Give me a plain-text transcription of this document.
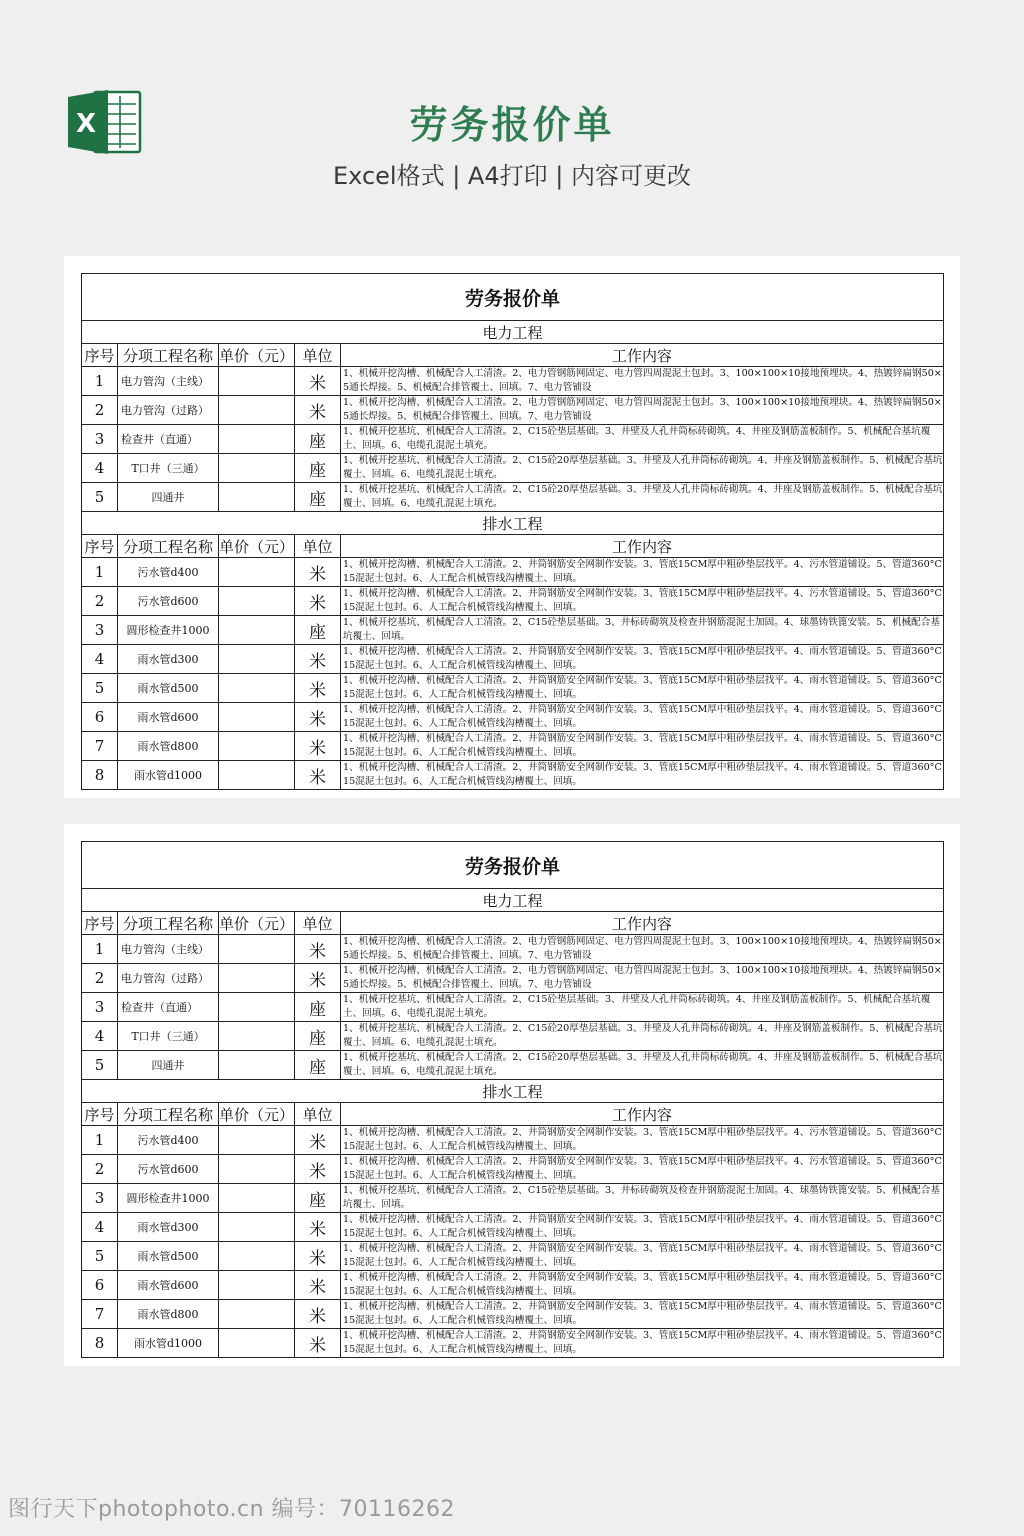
X	劳务报价单
Excel格式 | A4打印 | 内容可更改
劳务报价单				
电力工程				
序号	分项工程名称	单价（元）	单位	工作内容
1	电力管沟（主线）		米	1、机械开挖沟槽、机械配合人工清渣。2、电力管钢筋网固定、电力管四周混泥土包封。3、100×100×10接地预埋块。4、热镀锌扁钢50×5通长焊接。5、机械配合排管覆土、回填。7、电力管铺设

2	电力管沟（过路）		米	1、机械开挖沟槽、机械配合人工清渣。2、电力管钢筋网固定、电力管四周混泥土包封。3、100×100×10接地预埋块。4、热镀锌扁钢50×5通长焊接。5、机械配合排管覆土、回填。7、电力管铺设

3	检查井（直通）		座	1、机械开挖基坑、机械配合人工清渣。2、C15砼垫层基础。3、井壁及人孔井筒标砖砌筑。4、井座及钢筋盖板制作。5、机械配合基坑覆土、回填。6、电缆孔混泥土填充。

4	T口井（三通）		座	1、机械开挖基坑、机械配合人工清渣。2、C15砼20厚垫层基础。3、井壁及人孔井筒标砖砌筑。4、井座及钢筋盖板制作。5、机械配合基坑覆土、回填。6、电缆孔混泥土填充。

5	四通井		座	1、机械开挖基坑、机械配合人工清渣。2、C15砼20厚垫层基础。3、井壁及人孔井筒标砖砌筑。4、井座及钢筋盖板制作。5、机械配合基坑覆土、回填。6、电缆孔混泥土填充。

排水工程				
序号	分项工程名称	单价（元）	单位	工作内容
1	污水管d400		米	1、机械开挖沟槽、机械配合人工清渣。2、井筒钢筋安全网制作安装。3、管底15CM厚中粗砂垫层找平。4、污水管道铺设。5、管道360°C15混泥土包封。6、人工配合机械管线沟槽覆土、回填。

2	污水管d600		米	1、机械开挖沟槽、机械配合人工清渣。2、井筒钢筋安全网制作安装。3、管底15CM厚中粗砂垫层找平。4、污水管道铺设。5、管道360°C15混泥土包封。6、人工配合机械管线沟槽覆土、回填。

3	圆形检查井1000		座	1、机械开挖基坑、机械配合人工清渣。2、C15砼垫层基础。3、井标砖砌筑及检查井钢筋混泥土加固。4、球墨铸铁篦安装。5、机械配合基坑覆土、回填。

4	雨水管d300		米	1、机械开挖沟槽、机械配合人工清渣。2、井筒钢筋安全网制作安装。3、管底15CM厚中粗砂垫层找平。4、雨水管道铺设。5、管道360°C15混泥土包封。6、人工配合机械管线沟槽覆土、回填。

5	雨水管d500		米	1、机械开挖沟槽、机械配合人工清渣。2、井筒钢筋安全网制作安装。3、管底15CM厚中粗砂垫层找平。4、雨水管道铺设。5、管道360°C15混泥土包封。6、人工配合机械管线沟槽覆土、回填。

6	雨水管d600		米	1、机械开挖沟槽、机械配合人工清渣。2、井筒钢筋安全网制作安装。3、管底15CM厚中粗砂垫层找平。4、雨水管道铺设。5、管道360°C15混泥土包封。6、人工配合机械管线沟槽覆土、回填。

7	雨水管d800		米	1、机械开挖沟槽、机械配合人工清渣。2、井筒钢筋安全网制作安装。3、管底15CM厚中粗砂垫层找平。4、雨水管道铺设。5、管道360°C15混泥土包封。6、人工配合机械管线沟槽覆土、回填。

8	雨水管d1000		米	1、机械开挖沟槽、机械配合人工清渣。2、井筒钢筋安全网制作安装。3、管底15CM厚中粗砂垫层找平。4、雨水管道铺设。5、管道360°C15混泥土包封。6、人工配合机械管线沟槽覆土、回填。
劳务报价单				
电力工程				
序号	分项工程名称	单价（元）	单位	工作内容
1	电力管沟（主线）		米	1、机械开挖沟槽、机械配合人工清渣。2、电力管钢筋网固定、电力管四周混泥土包封。3、100×100×10接地预埋块。4、热镀锌扁钢50×5通长焊接。5、机械配合排管覆土、回填。7、电力管铺设

2	电力管沟（过路）		米	1、机械开挖沟槽、机械配合人工清渣。2、电力管钢筋网固定、电力管四周混泥土包封。3、100×100×10接地预埋块。4、热镀锌扁钢50×5通长焊接。5、机械配合排管覆土、回填。7、电力管铺设

3	检查井（直通）		座	1、机械开挖基坑、机械配合人工清渣。2、C15砼垫层基础。3、井壁及人孔井筒标砖砌筑。4、井座及钢筋盖板制作。5、机械配合基坑覆土、回填。6、电缆孔混泥土填充。

4	T口井（三通）		座	1、机械开挖基坑、机械配合人工清渣。2、C15砼20厚垫层基础。3、井壁及人孔井筒标砖砌筑。4、井座及钢筋盖板制作。5、机械配合基坑覆土、回填。6、电缆孔混泥土填充。

5	四通井		座	1、机械开挖基坑、机械配合人工清渣。2、C15砼20厚垫层基础。3、井壁及人孔井筒标砖砌筑。4、井座及钢筋盖板制作。5、机械配合基坑覆土、回填。6、电缆孔混泥土填充。

排水工程				
序号	分项工程名称	单价（元）	单位	工作内容
1	污水管d400		米	1、机械开挖沟槽、机械配合人工清渣。2、井筒钢筋安全网制作安装。3、管底15CM厚中粗砂垫层找平。4、污水管道铺设。5、管道360°C15混泥土包封。6、人工配合机械管线沟槽覆土、回填。

2	污水管d600		米	1、机械开挖沟槽、机械配合人工清渣。2、井筒钢筋安全网制作安装。3、管底15CM厚中粗砂垫层找平。4、污水管道铺设。5、管道360°C15混泥土包封。6、人工配合机械管线沟槽覆土、回填。

3	圆形检查井1000		座	1、机械开挖基坑、机械配合人工清渣。2、C15砼垫层基础。3、井标砖砌筑及检查井钢筋混泥土加固。4、球墨铸铁篦安装。5、机械配合基坑覆土、回填。

4	雨水管d300		米	1、机械开挖沟槽、机械配合人工清渣。2、井筒钢筋安全网制作安装。3、管底15CM厚中粗砂垫层找平。4、雨水管道铺设。5、管道360°C15混泥土包封。6、人工配合机械管线沟槽覆土、回填。

5	雨水管d500		米	1、机械开挖沟槽、机械配合人工清渣。2、井筒钢筋安全网制作安装。3、管底15CM厚中粗砂垫层找平。4、雨水管道铺设。5、管道360°C15混泥土包封。6、人工配合机械管线沟槽覆土、回填。

6	雨水管d600		米	1、机械开挖沟槽、机械配合人工清渣。2、井筒钢筋安全网制作安装。3、管底15CM厚中粗砂垫层找平。4、雨水管道铺设。5、管道360°C15混泥土包封。6、人工配合机械管线沟槽覆土、回填。

7	雨水管d800		米	1、机械开挖沟槽、机械配合人工清渣。2、井筒钢筋安全网制作安装。3、管底15CM厚中粗砂垫层找平。4、雨水管道铺设。5、管道360°C15混泥土包封。6、人工配合机械管线沟槽覆土、回填。

8	雨水管d1000		米	1、机械开挖沟槽、机械配合人工清渣。2、井筒钢筋安全网制作安装。3、管底15CM厚中粗砂垫层找平。4、雨水管道铺设。5、管道360°C15混泥土包封。6、人工配合机械管线沟槽覆土、回填。
图行天下photophoto.cn 编号：70116262
